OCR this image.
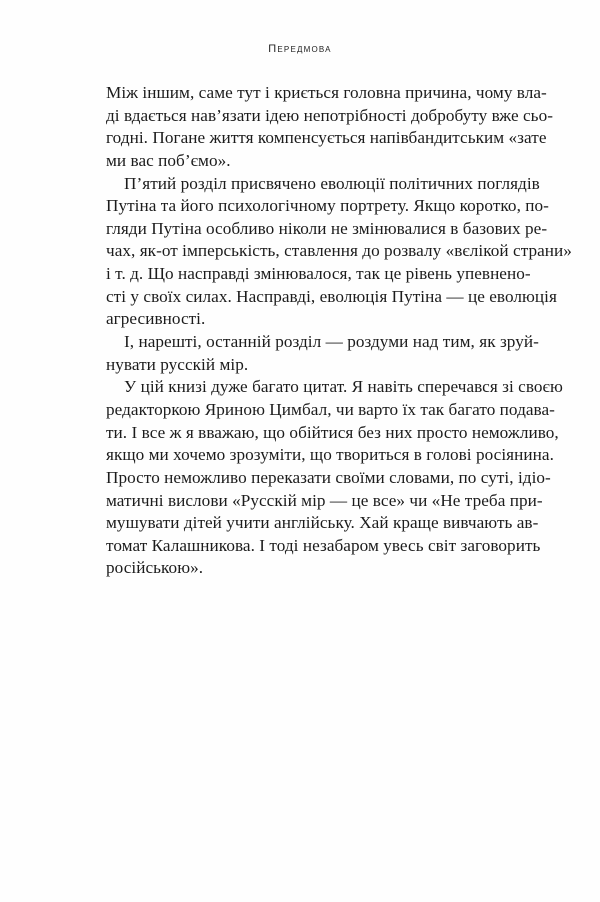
Передмова

Між іншим, саме тут і криється головна причина, чому вла-
ді вдається нав’язати ідею непотрібності добробуту вже сьо-
годні. Погане життя компенсується напівбандитським «зате
ми вас поб’ємо».

П’ятий розділ присвячено еволюції політичних поглядів
Путіна та його психологічному портрету. Якщо коротко, по-
гляди Путіна особливо ніколи не змінювалися в базових ре-
чах, як-от імперськість, ставлення до розвалу «вєлікой страни»
і т. д. Що насправді змінювалося, так це рівень упевнено-
сті у своїх силах. Насправді, еволюція Путіна — це еволюція
агресивності.

І, нарешті, останній розділ — роздуми над тим, як зруй-
нувати русскій мір.

У цій книзі дуже багато цитат. Я навіть сперечався зі своєю
редакторкою Яриною Цимбал, чи варто їх так багато подава-
ти. І все ж я вважаю, що обійтися без них просто неможливо,
якщо ми хочемо зрозуміти, що твориться в голові росіянина.
Просто неможливо переказати своїми словами, по суті, ідіо-
матичні вислови «Русскій мір — це все» чи «Не треба при-
мушувати дітей учити англійську. Хай краще вивчають ав-
томат Калашникова. І тоді незабаром увесь світ заговорить
російською».
